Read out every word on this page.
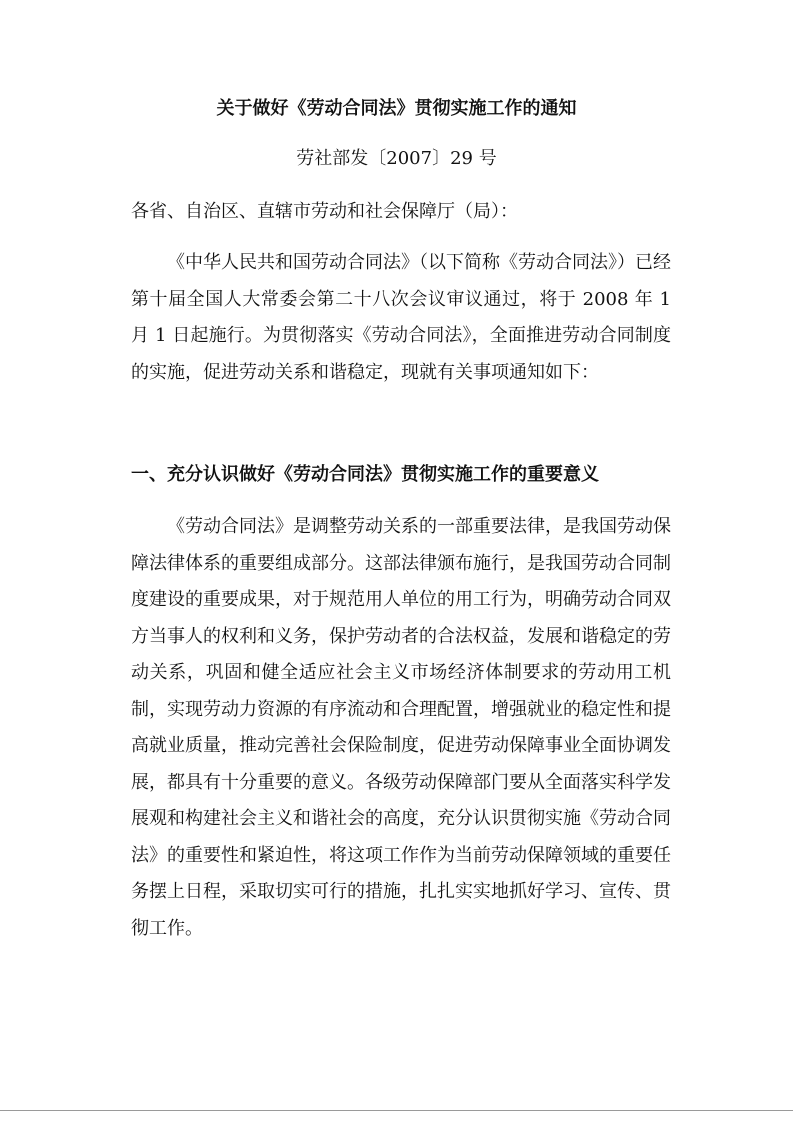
关于做好《劳动合同法》贯彻实施工作的通知
劳社部发〔2007〕29 号
各省、自治区、直辖市劳动和社会保障厅（局）：

《中华人民共和国劳动合同法》（以下简称《劳动合同法》）已经第十届全国人大常委会第二十八次会议审议通过，将于 2008 年 1 月 1 日起施行。为贯彻落实《劳动合同法》，全面推进劳动合同制度的实施，促进劳动关系和谐稳定，现就有关事项通知如下：

一、充分认识做好《劳动合同法》贯彻实施工作的重要意义

《劳动合同法》是调整劳动关系的一部重要法律，是我国劳动保障法律体系的重要组成部分。这部法律颁布施行，是我国劳动合同制度建设的重要成果，对于规范用人单位的用工行为，明确劳动合同双方当事人的权利和义务，保护劳动者的合法权益，发展和谐稳定的劳动关系，巩固和健全适应社会主义市场经济体制要求的劳动用工机制，实现劳动力资源的有序流动和合理配置，增强就业的稳定性和提高就业质量，推动完善社会保险制度，促进劳动保障事业全面协调发展，都具有十分重要的意义。各级劳动保障部门要从全面落实科学发展观和构建社会主义和谐社会的高度，充分认识贯彻实施《劳动合同法》的重要性和紧迫性，将这项工作作为当前劳动保障领域的重要任务摆上日程，采取切实可行的措施，扎扎实实地抓好学习、宣传、贯彻工作。
